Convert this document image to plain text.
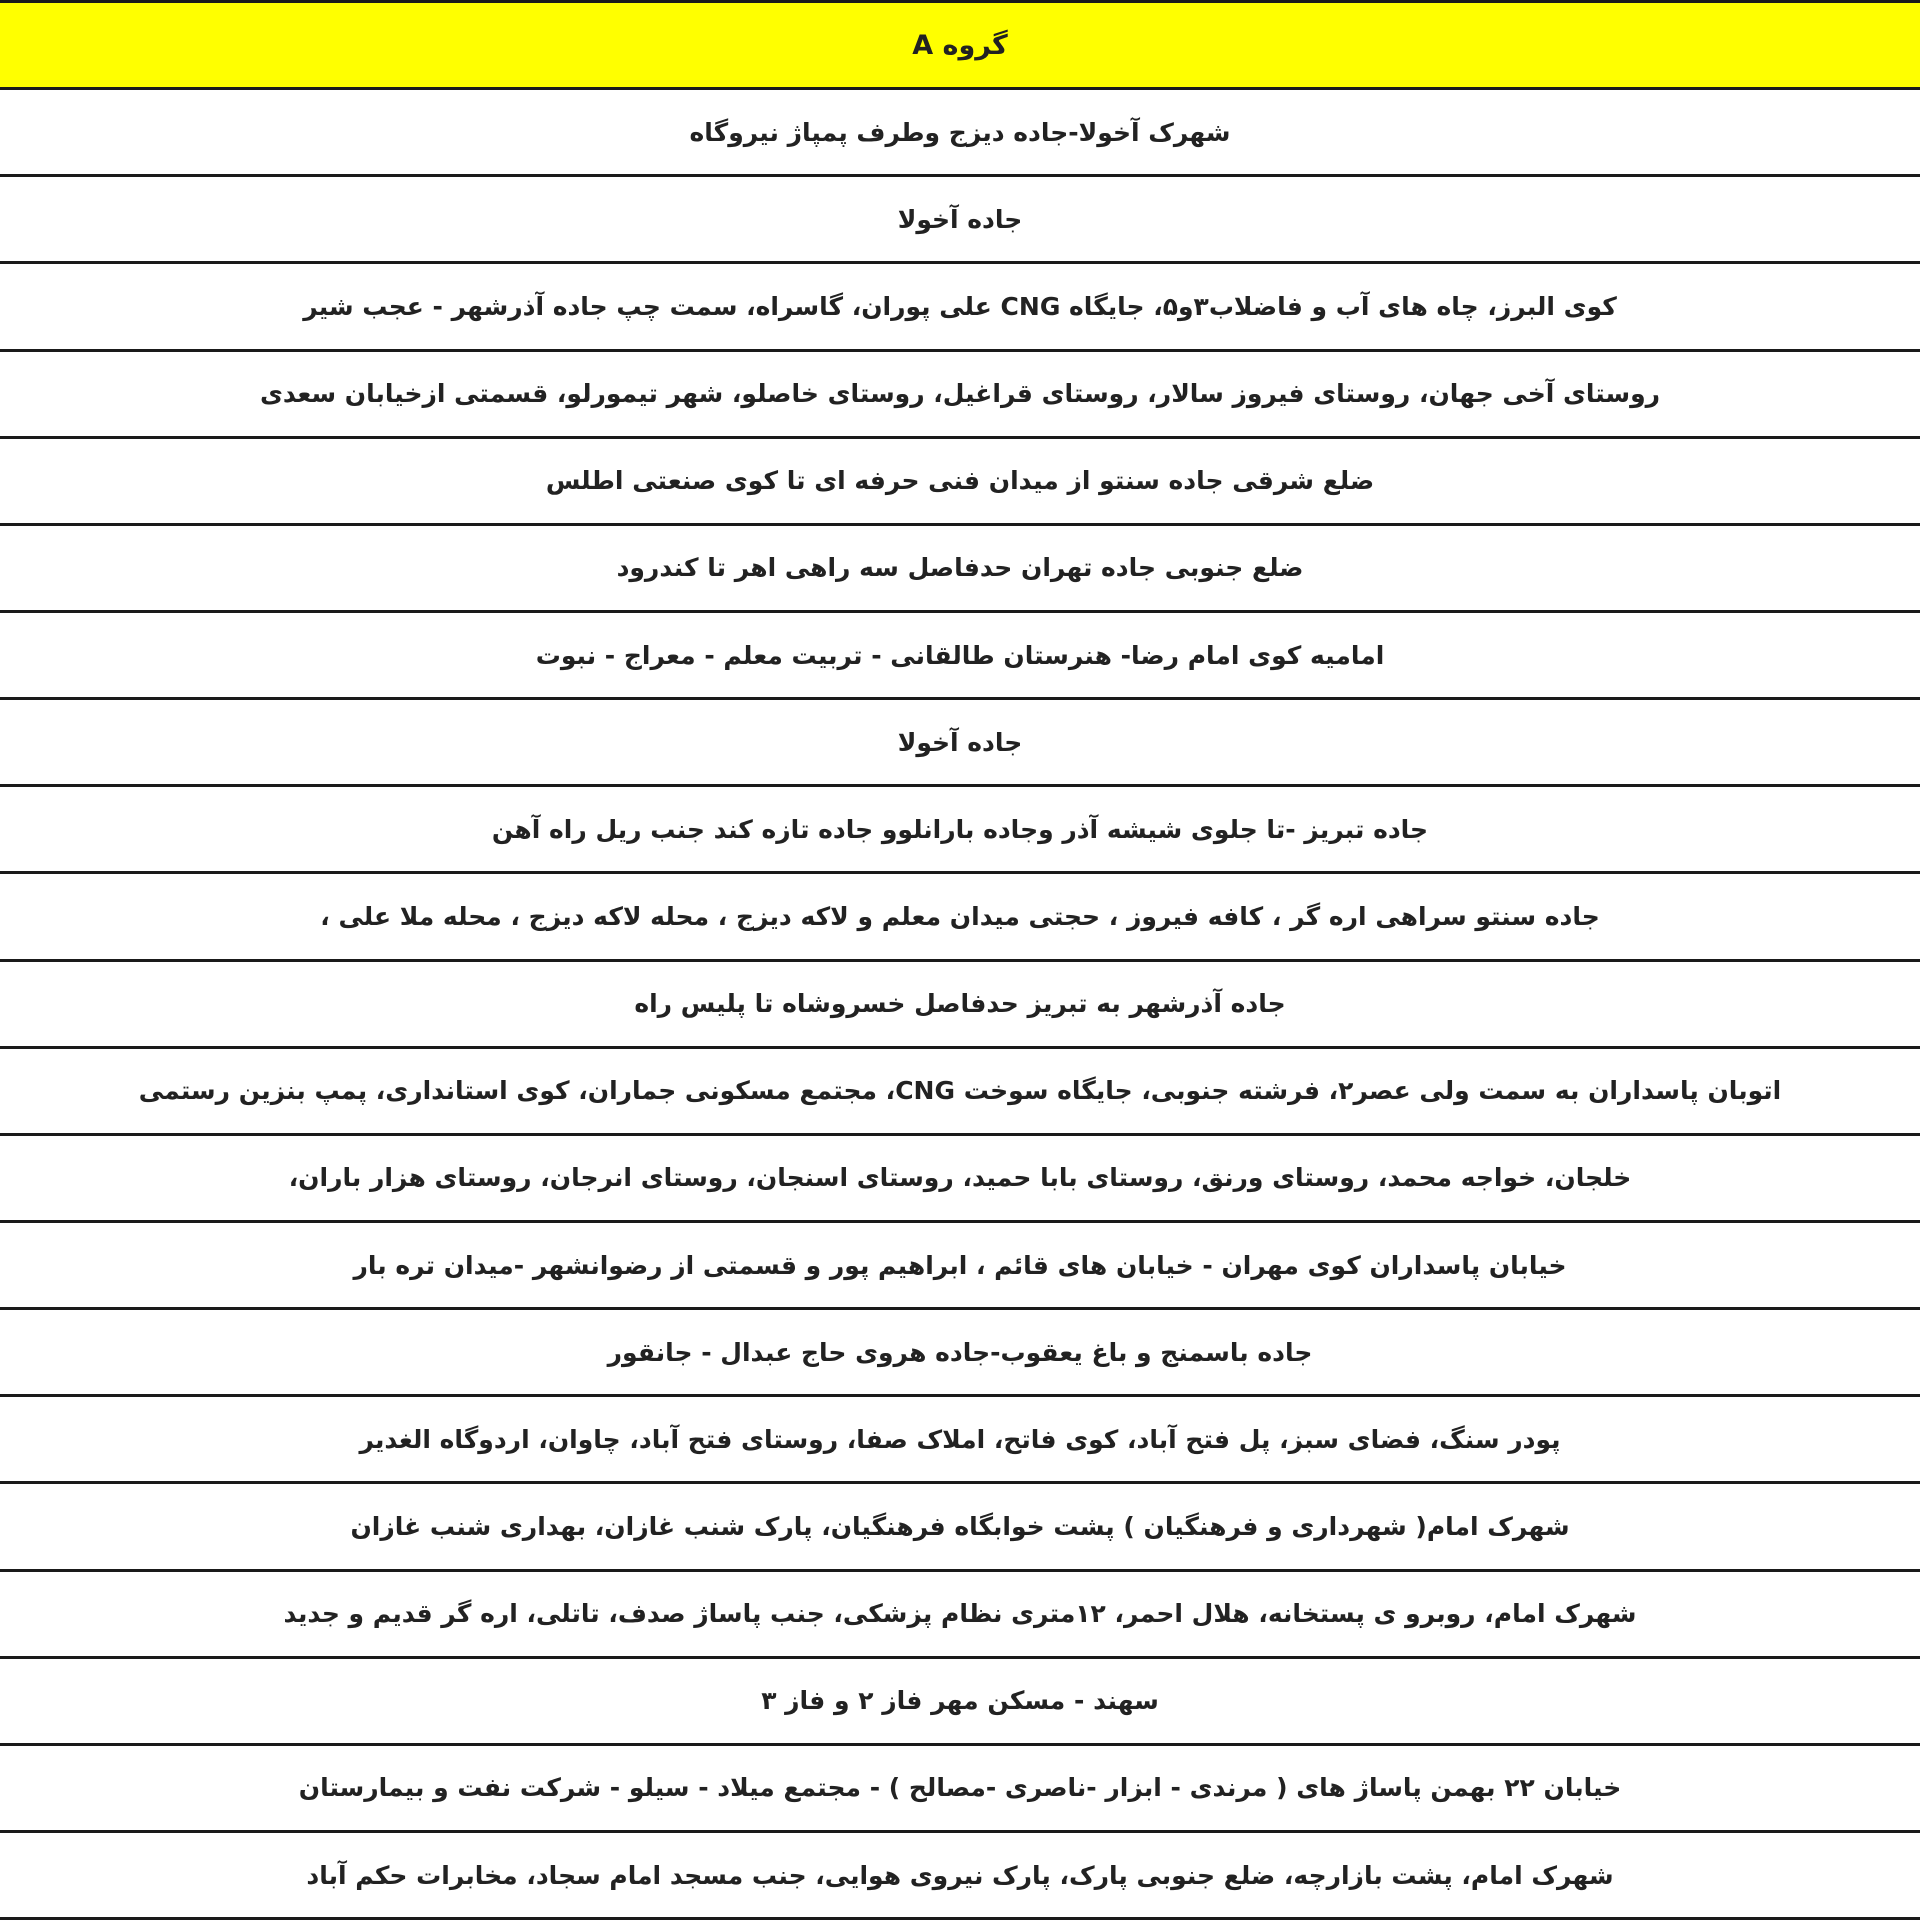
گروه A
شهرک آخولا-جاده دیزج وطرف پمپاژ نیروگاه
جاده آخولا
کوی البرز، چاه های آب و فاضلاب۳و۵، جایگاه CNG علی پوران، گاسراه، سمت چپ جاده آذرشهر - عجب شیر
روستای آخی جهان، روستای فیروز سالار، روستای قراغیل، روستای خاصلو، شهر تیمورلو، قسمتی ازخیابان سعدی
ضلع شرقی جاده سنتو از میدان فنی حرفه ای تا کوی صنعتی اطلس
ضلع جنوبی جاده تهران حدفاصل سه راهی اهر تا کندرود
امامیه کوی امام رضا- هنرستان طالقانی - تربیت معلم - معراج - نبوت
جاده آخولا
جاده تبریز -تا جلوی شیشه آذر وجاده بارانلوو جاده تازه کند جنب ریل راه آهن
جاده سنتو سراهی اره گر ، کافه فیروز ، حجتی میدان معلم و لاکه دیزج ، محله لاکه دیزج ، محله ملا علی ،
جاده آذرشهر به تبریز حدفاصل خسروشاه تا پلیس راه
اتوبان پاسداران به سمت ولی عصر۲، فرشته جنوبی، جایگاه سوخت CNG، مجتمع مسکونی جماران، کوی استانداری، پمپ بنزین رستمی
خلجان، خواجه محمد، روستای ورنق، روستای بابا حمید، روستای اسنجان، روستای انرجان، روستای هزار باران،
خیابان پاسداران کوی مهران - خیابان های قائم ، ابراهیم پور و قسمتی از رضوانشهر -میدان تره بار
جاده باسمنج و باغ یعقوب-جاده هروی حاج عبدال - جانقور
پودر سنگ، فضای سبز، پل فتح آباد، کوی فاتح، املاک صفا، روستای فتح آباد، چاوان، اردوگاه الغدیر
شهرک امام( شهرداری و فرهنگیان ) پشت خوابگاه فرهنگیان، پارک شنب غازان، بهداری شنب غازان
شهرک امام، روبرو ی پستخانه، هلال احمر، ۱۲متری نظام پزشکی، جنب پاساژ صدف، تاتلی، اره گر قدیم و جدید
سهند - مسکن مهر فاز ۲ و فاز ۳
خیابان ۲۲ بهمن پاساژ های ( مرندی - ابزار -ناصری -مصالح ) - مجتمع میلاد - سیلو - شرکت نفت و بیمارستان
شهرک امام، پشت بازارچه، ضلع جنوبی پارک، پارک نیروی هوایی، جنب مسجد امام سجاد، مخابرات حکم آباد
